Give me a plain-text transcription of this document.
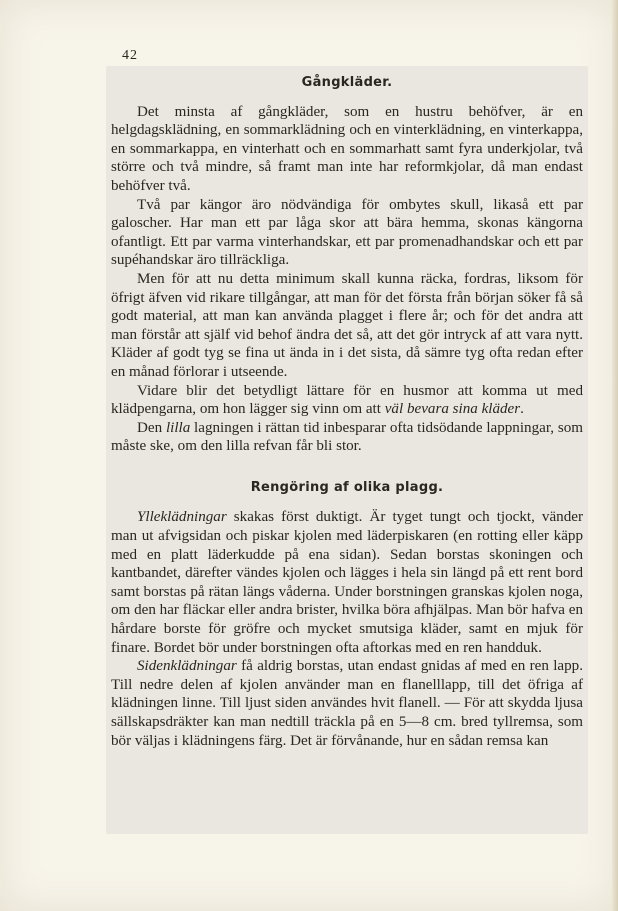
42
Gångkläder.

Det minsta af gångkläder, som en hustru behöfver, är en helgdagsklädning, en sommarklädning och en vinterklädning, en vinterkappa, en sommarkappa, en vinterhatt och en sommarhatt samt fyra underkjolar, två större och två mindre, så framt man inte har reformkjolar, då man endast behöfver två.

Två par kängor äro nödvändiga för ombytes skull, likaså ett par galoscher. Har man ett par låga skor att bära hemma, skonas kängorna ofantligt. Ett par varma vinterhandskar, ett par promenadhandskar och ett par supéhandskar äro tillräckliga.

Men för att nu detta minimum skall kunna räcka, fordras, liksom för öfrigt äfven vid rikare tillgångar, att man för det första från början söker få så godt material, att man kan använda plagget i flere år; och för det andra att man förstår att själf vid behof ändra det så, att det gör intryck af att vara nytt. Kläder af godt tyg se fina ut ända in i det sista, då sämre tyg ofta redan efter en månad förlorar i utseende.

Vidare blir det betydligt lättare för en husmor att komma ut med klädpengarna, om hon lägger sig vinn om att väl bevara sina kläder.

Den lilla lagningen i rättan tid inbesparar ofta tidsödande lappningar, som måste ske, om den lilla refvan får bli stor.

Rengöring af olika plagg.

Ylleklädningar skakas först duktigt. Är tyget tungt och tjockt, vänder man ut afvigsidan och piskar kjolen med läderpiskaren (en rotting eller käpp med en platt läderkudde på ena sidan). Sedan borstas skoningen och kantbandet, därefter vändes kjolen och lägges i hela sin längd på ett rent bord samt borstas på rätan längs våderna. Under borstningen granskas kjolen noga, om den har fläckar eller andra brister, hvilka böra afhjälpas. Man bör hafva en hårdare borste för gröfre och mycket smutsiga kläder, samt en mjuk för finare. Bordet bör under borstningen ofta aftorkas med en ren handduk.

Sidenklädningar få aldrig borstas, utan endast gnidas af med en ren lapp. Till nedre delen af kjolen använder man en flanelllapp, till det öfriga af klädningen linne. Till ljust siden användes hvit flanell. — För att skydda ljusa sällskapsdräkter kan man nedtill träckla på en 5—8 cm. bred tyllremsa, som bör väljas i klädningens färg. Det är förvånande, hur en sådan remsa kan
